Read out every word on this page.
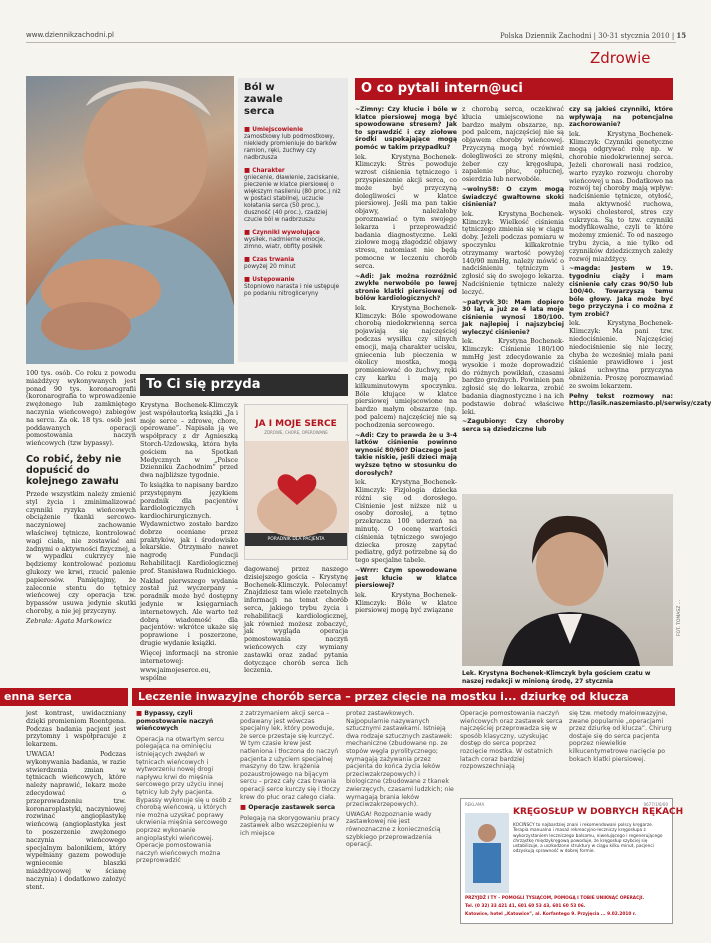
www.dziennikzachodni.pl	Polska Dziennik Zachodni | 30-31 stycznia 2010 | 15
Zdrowie
Ból w zawale serca
■ Umiejscowienie
zamostkowy lub podmostkowy, niekiedy promieniuje do barków ramion, ręki, żuchwy czy nadbrzusza
■ Charakter
gniecenie, dławienie, zaciskanie, pieczenie w klatce piersiowej o większym nasileniu (80 proc.) niż w postaci stabilnej, uczucie kołatania serca (50 proc.), duszność (40 proc.), rzadziej czucie ból w nadbrzuszu
■ Czynniki wywołujące
wysiłek, nadmierne emocje, zimno, wiatr, obfity posiłek
■ Czas trwania
powyżej 20 minut
■ Ustępowanie
Stopniowo narasta i nie ustępuje po podaniu nitrogliceryny

100 tys. osób. Co roku z powodu miażdżycy wykonywanych jest ponad 90 tys. koronarografii (koronarografia to wprowadzenie zwężonego lub zamkniętego naczynia wieńcowego) zabiegów na sercu. Za ok. 18 tys. osób jest poddawanych operacji pomostowania naczyń wieńcowych (tzw bypassy).

Co robić, żeby nie dopuścić do kolejnego zawału

Przede wszystkim należy zmienić styl życia i zminimalizować czynniki ryzyka wieńcowych obciążenie tkanki sercowo-naczyniowej zachowanie właściwej tętnicze, kontrolować wagi ciała, nie zostawiać ani żadnymi o aktywności fizycznej, a w wypadku cukrzycy nie będziemy kontrolować poziomu glukozy we krwi, rzucić palenie papierosów. Pamiętajmy, że zaleconie stentu do tętnicy wieńcowej czy operacja tzw. bypassów usuwa jedynie skutki choroby, a nie jej przyczyny.

Zebrała: Agata Markowicz

To Ci się przyda

Krystyna Bochenek-Klimczyk jest współautorką książki „Ja i moje serce – zdrowe, chore, operowane”. Napisała ją we współpracy z dr Agnieszką Storch-Uzdowską, która była gościem na Spotkań Medycznych w „Polsce Dzienniku Zachodnim” przed dwa najbliższe tygodnie.

To książka to napisany bardzo przystępnym językiem poradnik dla pacjentów kardiologicznych i kardiochirurgicznych. Wydawnictwo zostało bardzo dobrze oceniane przez praktyków, jak i środowisko lekarskie. Otrzymało nawet nagrodę Fundacji Rehabilitacji Kardiologicznej prof. Stanisława Rudnickiego.

Nakład pierwszego wydania został już wyczerpany – poradnik może być dostępny jedynie w księgarniach internetowych. Ale warto też dobrą wiadomość dla pacjentów: wkrótce ukaże się poprawione i poszerzone, drugie wydanie książki.

Więcej informacji na stronie internetowej:

www.jaimojeserce.eu, wspólne

JA I MOJE SERCE
ZDROWE, CHORE, OPEROWANE
PORADNIK DLA PACJENTA
dagowanej przez naszego dzisiejszego gościa – Krystynę Bochenek-Klimczyk. Polecamy! Znajdziesz tam wiele rzetelnych informacji na temat chorób serca, jakiego trybu życia i rehabilitacji kardiologicznej, jak również możesz zobaczyć, jak wygląda operacja pomostowania naczyń wieńcowych czy wymiany zastawki oraz zadać pytania dotyczące chorób serca lich leczenia.
O co pytali intern@uci

~Zimny: Czy kłucie i bóle w klatce piersiowej mogą być spowodowane stresem? Jak to sprawdzić i czy ziołowe środki uspokajające mogą pomóc w takim przypadku?

lek. Krystyna_Bochenek-Klimczyk: Stres powoduje wzrost ciśnienia tętniczego i przyspieszenie akcji serca, co może być przyczyną dolegliwości w klatce piersiowej. Jeśli ma pan takie objawy, należałoby porozmawiać o tym swojego lekarza i przeprowadzić badania diagnostyczne. Leki ziołowe mogą złagodzić objawy stresu, natomiast nie będą pomocne w leczeniu chorób serca.

~Adi: Jak można rozróżnić zwykłe nerwobóle po lewej stronie klatki piersiowej od bólów kardiologicznych?

lek. Krystyna_Bochenek-Klimczyk: Bóle spowodowane chorobą niedokrwienną serca pojawiają się najczęściej podczas wysiłku czy silnych emocji, mają charakter ucisku, gniecenia lub pieczenia w okolicy mostka, mogą promieniować do żuchwy, ręki czy karku i mają po kilkuminutowym spoczynku. Bóle kłujące w klatce piersiowej umiejscowione na bardzo małym obszarze (np. pod palcem) najczęściej nie są pochodzenia sercowego.

~Adi: Czy to prawda że u 3-4 latków ciśnienie powinno wynosić 80/60? Diaczego jest takie niskie, jeśli dzieci mają wyższe tętno w stosunku do dorosłych?

lek. Krystyna_Bochenek-Klimczyk: Fizjologia dziecka różni się od dorosłego. Ciśnienie jest niższe niż u osoby dorosłej, a tętno przekracza 100 uderzeń na minutę. O ocenę wartości ciśnienia tętniczego swojego dziecka proszę zapytać pediatrę, gdyż potrzebne są do tego specjalne tabele.

~Wrrr: Czym spowodowane jest kłucie w klatce piersiowej?

lek. Krystyna_Bochenek-Klimczyk: Bóle w klatce piersiowej mogą być związane

z chorobą serca, oczekiwać kłucia umiejscowione na bardzo małym obszarze, np. pod palcem, najczęściej nie są objawem choroby wieńcowej. Przyczyną mogą być również dolegliwości ze strony mięśni, żeber czy kręgosłupa, zapalenie płuc, opłucnej, osierdzia lub nerwobóle.

~wolny58: O czym mogą świadczyć gwałtowne skoki ciśnienia?

lek. Krystyna_Bochenek-Klimczyk: Wielkość ciśnienia tętniczego zmienia się w ciągu doby. Jeżeli podczas pomiaru w spoczynku kilkakrotnie otrzymamy wartość powyżej 140/90 mmHg, należy mówić o nadciśnieniu tętniczym i zgłosić się do swojego lekarza. Nadciśnienie tętnicze należy leczyć.

~patyrvk_30: Mam dopiero 30 lat, a już ze 4 lata moje ciśnienie wynosi 180/100. Jak najlepiej i najszybciej wyleczyć ciśnienie?

lek. Krystyna_Bochenek-Klimczyk: Ciśnienie 180/100 mmHg jest zdecydowanie za wysokie i może doprowadzić do różnych powikłań, czasami bardzo groźnych. Powinien pan zgłosić się do lekarza, zrobić badania diagnostyczne i na ich podstawie dobrać właściwe leki.

~Zagubiony: Czy choroby serca są dziedziczne lub

czy są jakieś czynniki, które wpływają na potencjalne zachorowanie?

lek. Krystyna_Bochenek-Klimczyk: Czynniki genetyczne mogą odgrywać rolę np. w chorobie niedokrwiennej serca. Jeżeli chorowali nasi rodzice, warto ryzyko rozwoju choroby wieńcowej u nas. Dodatkowo na rozwój tej choroby mają wpływ: nadciśnienie tętnicze, otyłość, mała aktywność ruchowa, wysoki cholesterol, stres czy cukrzyca. Są to tzw. czynniki modyfikowalne, czyli te które możemy zmienić. To od naszego trybu życia, a nie tylko od czynników dziedzicznych zależy rozwój miażdżycy.

~magda: Jestem w 19. tygodniu ciąży i mam ciśnienie cały czas 90/50 lub 100/40. Towarzyszą temu bóle głowy. Jaka może być tego przyczyna i co można z tym zrobić?

lek. Krystyna_Bochenek-Klimczyk: Ma pani tzw. niedociśnienie. Najczęściej niedociśnienie się nie leczy, chyba że wcześniej miała pani ciśnienie prawidłowe i jest jakaś uchwytna przyczyna obniżenia. Proszę porozmawiać ze swoim lekarzem.

Pełny tekst rozmowy na: http://lasik.naszemiasto.pl/serwisy/czaty

FOT. TOMASZ ...
Lek. Krystyna Bochenek-Klimczyk była gościem czatu w naszej redakcji w minioną środę, 27 stycznia
enna serca

jest kontrast, uwidaczniany dzięki promieniom Roentgena. Podczas badania pacjent jest przytomny i współpracuje z lekarzem.

UWAGA! Podczas wykonywania badania, w razie stwierdzenia zmian w tętnicach wieńcowych, które należy naprawić, lekarz może zdecydować o przeprowadzeniu tzw. koronaroplastyki, naczyniowej rozwinać angioplastykę wieńcową (angioplastyka jest to poszerzenie zwężonego naczynia wieńcowego specjalnym balonikiem, który wypełniany gazem powoduje wgniecenie blaszki miażdżycowej w ścianę naczynia) i dodatkowo założyć stent.

Leczenie inwazyjne chorób serca – przez cięcie na mostku i... dziurkę od klucza
■ Bypassy, czyli pomostowanie naczyń wieńcowych

Operacja na otwartym sercu polegająca na ominięciu istniejących zwężeń w tętnicach wieńcowych i wytworzeniu nowej drogi napływu krwi do mięśnia sercowego przy użyciu innej tętnicy lub żyły pacjenta. Bypassy wykonuje się u osób z chorobą wieńcową, u których nie można uzyskać poprawy ukrwienia mięśnia sercowego poprzez wykonanie angioplastyki wieńcowej. Operacje pomostowania naczyń wieńcowych można przeprowadzić

z zatrzymaniem akcji serca – podawany jest wówczas specjalny lek, który powoduje, że serce przestaje się kurczyć. W tym czasie krew jest natleniona i tłoczona do naczyń pacjenta z użyciem specjalnej maszyny do tzw. krążenia pozaustrojowego na bijącym sercu – przez cały czas trwania operacji serce kurczy się i tłoczy krew do płuc oraz całego ciała.

■ Operacje zastawek serca

Polegają na skorygowaniu pracy zastawek albo wszczepieniu w ich miejsce

protez zastawkowych. Najpopularnie nazywanych sztucznymi zastawkami. Istnieją dwa rodzaje sztucznych zastawek: mechaniczne (zbudowane np. ze stopów węgla pyrolitycznego; wymagają zażywania przez pacjenta do końca życia leków przeciwzakrzepowych) i biologiczne (zbudowane z tkanek zwierzęcych, czasami ludzkich; nie wymagają brania leków przeciwzakrzepowych).

UWAGA! Rozpoznanie wady zastawkowej nie jest równoznaczne z koniecznością szybkiego przeprowadzenia operacji.

Operacje pomostowania naczyń wieńcowych oraz zastawek serca najczęściej przeprowadza się w sposób klasyczny, uzyskując dostęp do serca poprzez rozcięcie mostka. W ostatnich latach coraz bardziej rozpowszechniają

się tzw. metody małoinwazyjne, zwane popularnie „operacjami przez dziurkę od klucza”. Chirurg dostaje się do serca pacjenta poprzez niewielkie kilkucentymetrowe nacięcie po bokach klatki piersiowej.

REKLAMA	0677/1/6/00
KRĘGOSŁUP W DOBRYCH RĘKACH
KOCIŃSCY to najbardziej znani i rekomendowani polscy kręgarze. Terapia manualna i masaż rekreacyjno-leczniczy kręgosłupa z wykorzystaniem leczniczego balsamu, niwelującego i regenerującego chrząstkę międzykręgową powoduje, że kręgosłup szybciej się ustabilizuje, a uszkodzone struktury w ciągu kilku minut, pacjenci odzyskują sprawność w dobrej formie.
PRZYJDŹ I TY – POMOGLI TYSIĄCOM, POMOGĄ I TOBIE UNIKNĄĆ OPERACJI.
Tel. (0 32) 33 421 41, 601 60 53 43, 601 60 53 06.
Katowice, hotel „Katowice”, al. Korfantego 9. Przyjęcia ... 9.02.2010 r.
